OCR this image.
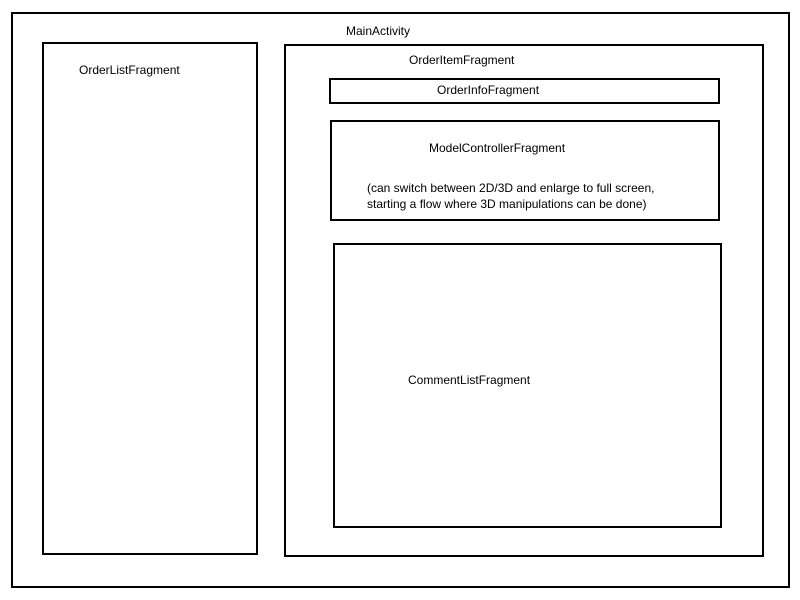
MainActivity
OrderListFragment
OrderItemFragment
OrderInfoFragment
ModelControllerFragment
(can switch between 2D/3D and enlarge to full screen,
starting a flow where 3D manipulations can be done)
CommentListFragment
